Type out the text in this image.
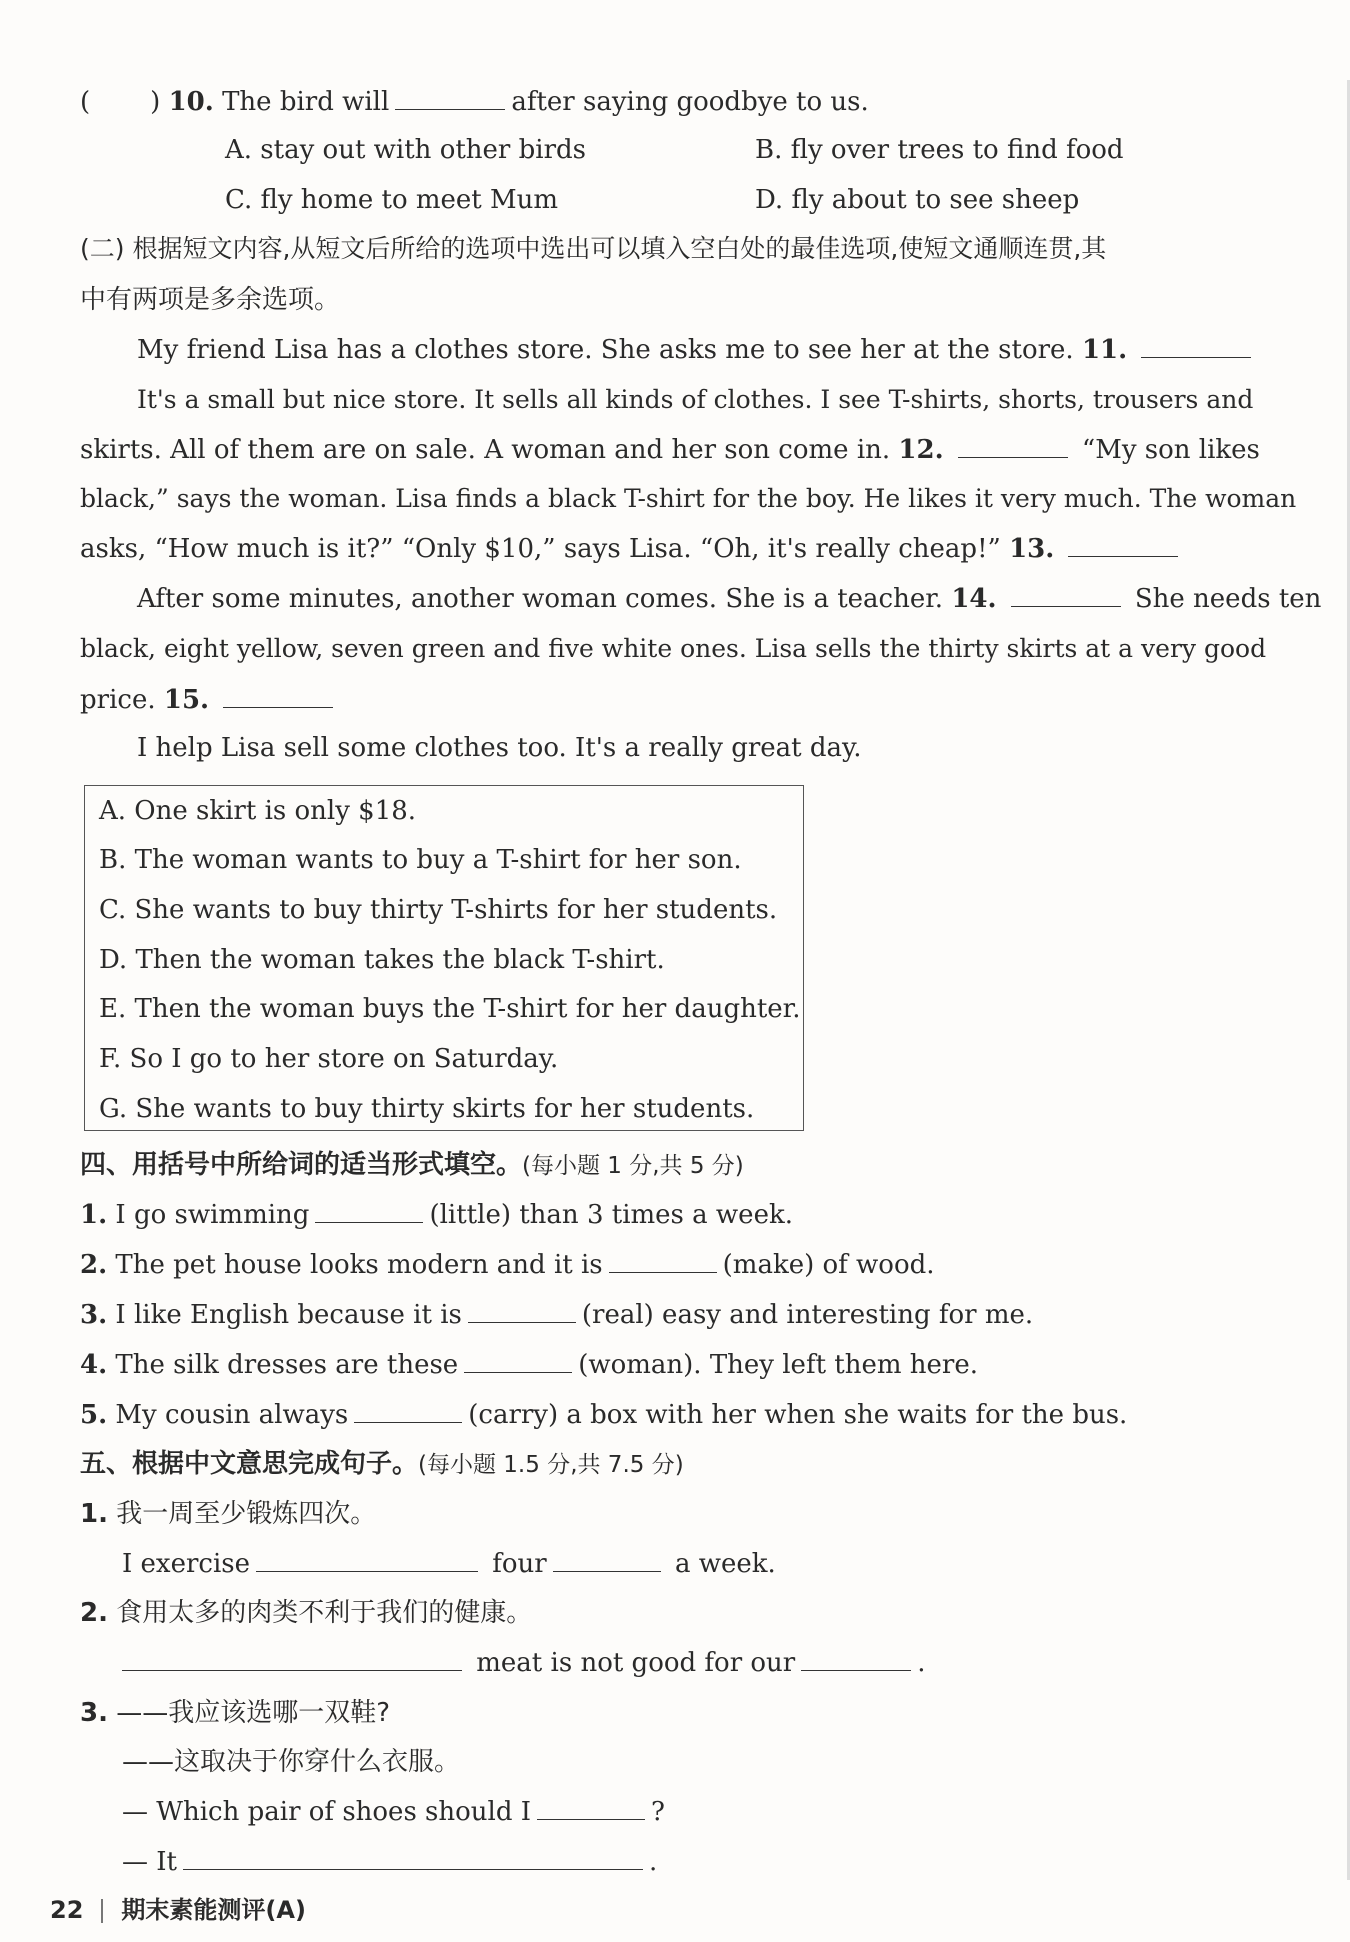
( ) 10. The bird will	after saying goodbye to us.
A. stay out with other birds	B. fly over trees to find food
C. fly home to meet Mum	D. fly about to see sheep
(二) 根据短文内容,从短文后所给的选项中选出可以填入空白处的最佳选项,使短文通顺连贯,其
中有两项是多余选项。
My friend Lisa has a clothes store. She asks me to see her at the store. 11.
It's a small but nice store. It sells all kinds of clothes. I see T-shirts, shorts, trousers and
skirts. All of them are on sale. A woman and her son come in. 12.	“My son likes
black,” says the woman. Lisa finds a black T-shirt for the boy. He likes it very much. The woman
asks, “How much is it?” “Only $10,” says Lisa. “Oh, it's really cheap!” 13.
After some minutes, another woman comes. She is a teacher. 14.	She needs ten
black, eight yellow, seven green and five white ones. Lisa sells the thirty skirts at a very good
price. 15.
I help Lisa sell some clothes too. It's a really great day.
A. One skirt is only $18.
B. The woman wants to buy a T-shirt for her son.
C. She wants to buy thirty T-shirts for her students.
D. Then the woman takes the black T-shirt.
E. Then the woman buys the T-shirt for her daughter.
F. So I go to her store on Saturday.
G. She wants to buy thirty skirts for her students.
四、用括号中所给词的适当形式填空。(每小题 1 分,共 5 分)
1. I go swimming	(little) than 3 times a week.
2. The pet house looks modern and it is	(make) of wood.
3. I like English because it is	(real) easy and interesting for me.
4. The silk dresses are these	(woman). They left them here.
5. My cousin always	(carry) a box with her when she waits for the bus.
五、根据中文意思完成句子。(每小题 1.5 分,共 7.5 分)
1. 我一周至少锻炼四次。
I exercise	four	a week.
2. 食用太多的肉类不利于我们的健康。
meat is not good for our	.
3. ——我应该选哪一双鞋?
——这取决于你穿什么衣服。
— Which pair of shoes should I	?
— It	.
22 期末素能测评(A)
